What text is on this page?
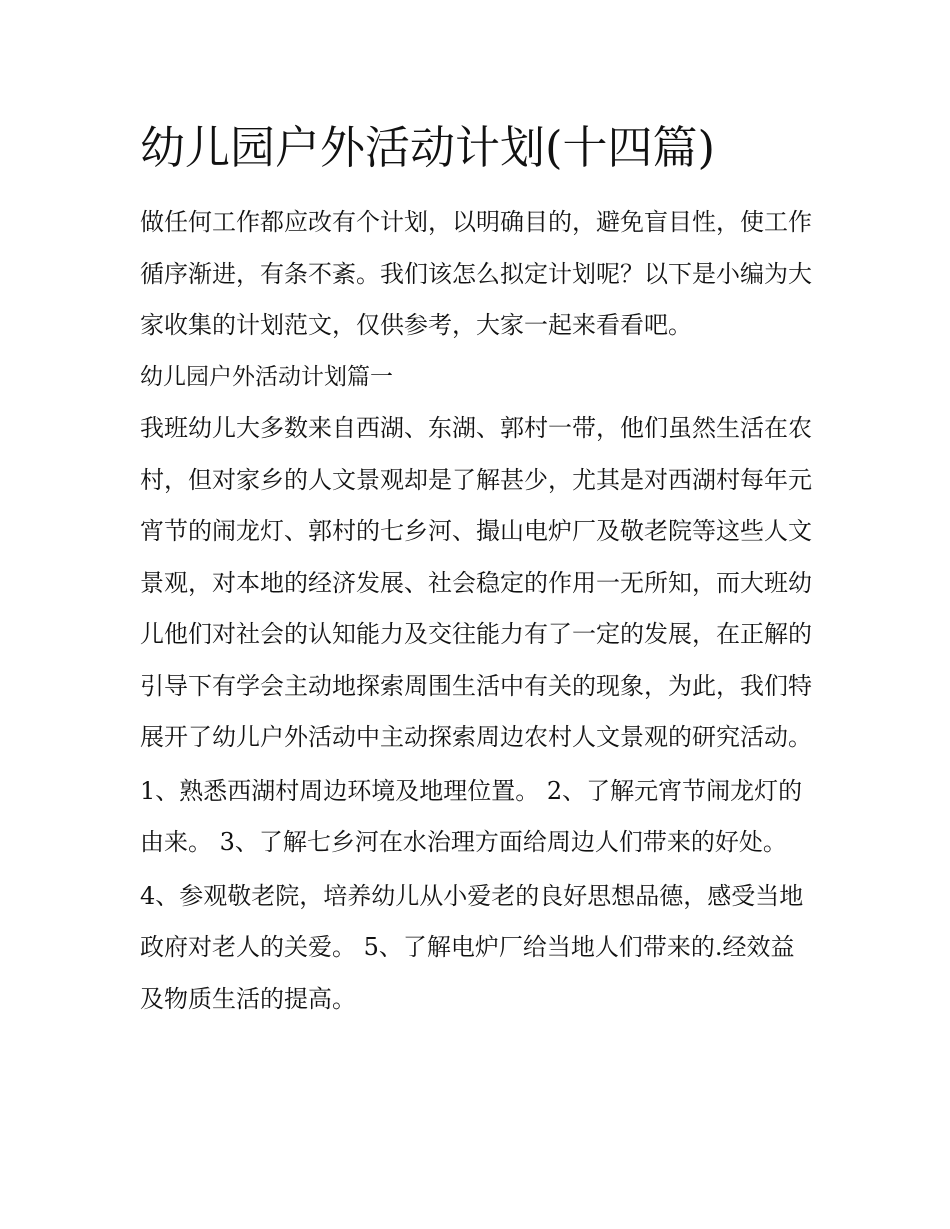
幼儿园户外活动计划(十四篇)

做任何工作都应改有个计划，以明确目的，避免盲目性，使工作循序渐进，有条不紊。我们该怎么拟定计划呢？以下是小编为大家收集的计划范文，仅供参考，大家一起来看看吧。

幼儿园户外活动计划篇一

我班幼儿大多数来自西湖、东湖、郭村一带，他们虽然生活在农村，但对家乡的人文景观却是了解甚少，尤其是对西湖村每年元宵节的闹龙灯、郭村的七乡河、撮山电炉厂及敬老院等这些人文景观，对本地的经济发展、社会稳定的作用一无所知，而大班幼儿他们对社会的认知能力及交往能力有了一定的发展，在正解的引导下有学会主动地探索周围生活中有关的现象，为此，我们特展开了幼儿户外活动中主动探索周边农村人文景观的研究活动。

1、熟悉西湖村周边环境及地理位置。 2、了解元宵节闹龙灯的由来。 3、了解七乡河在水治理方面给周边人们带来的好处。

4、参观敬老院，培养幼儿从小爱老的良好思想品德，感受当地政府对老人的关爱。 5、了解电炉厂给当地人们带来的.经效益及物质生活的提高。
